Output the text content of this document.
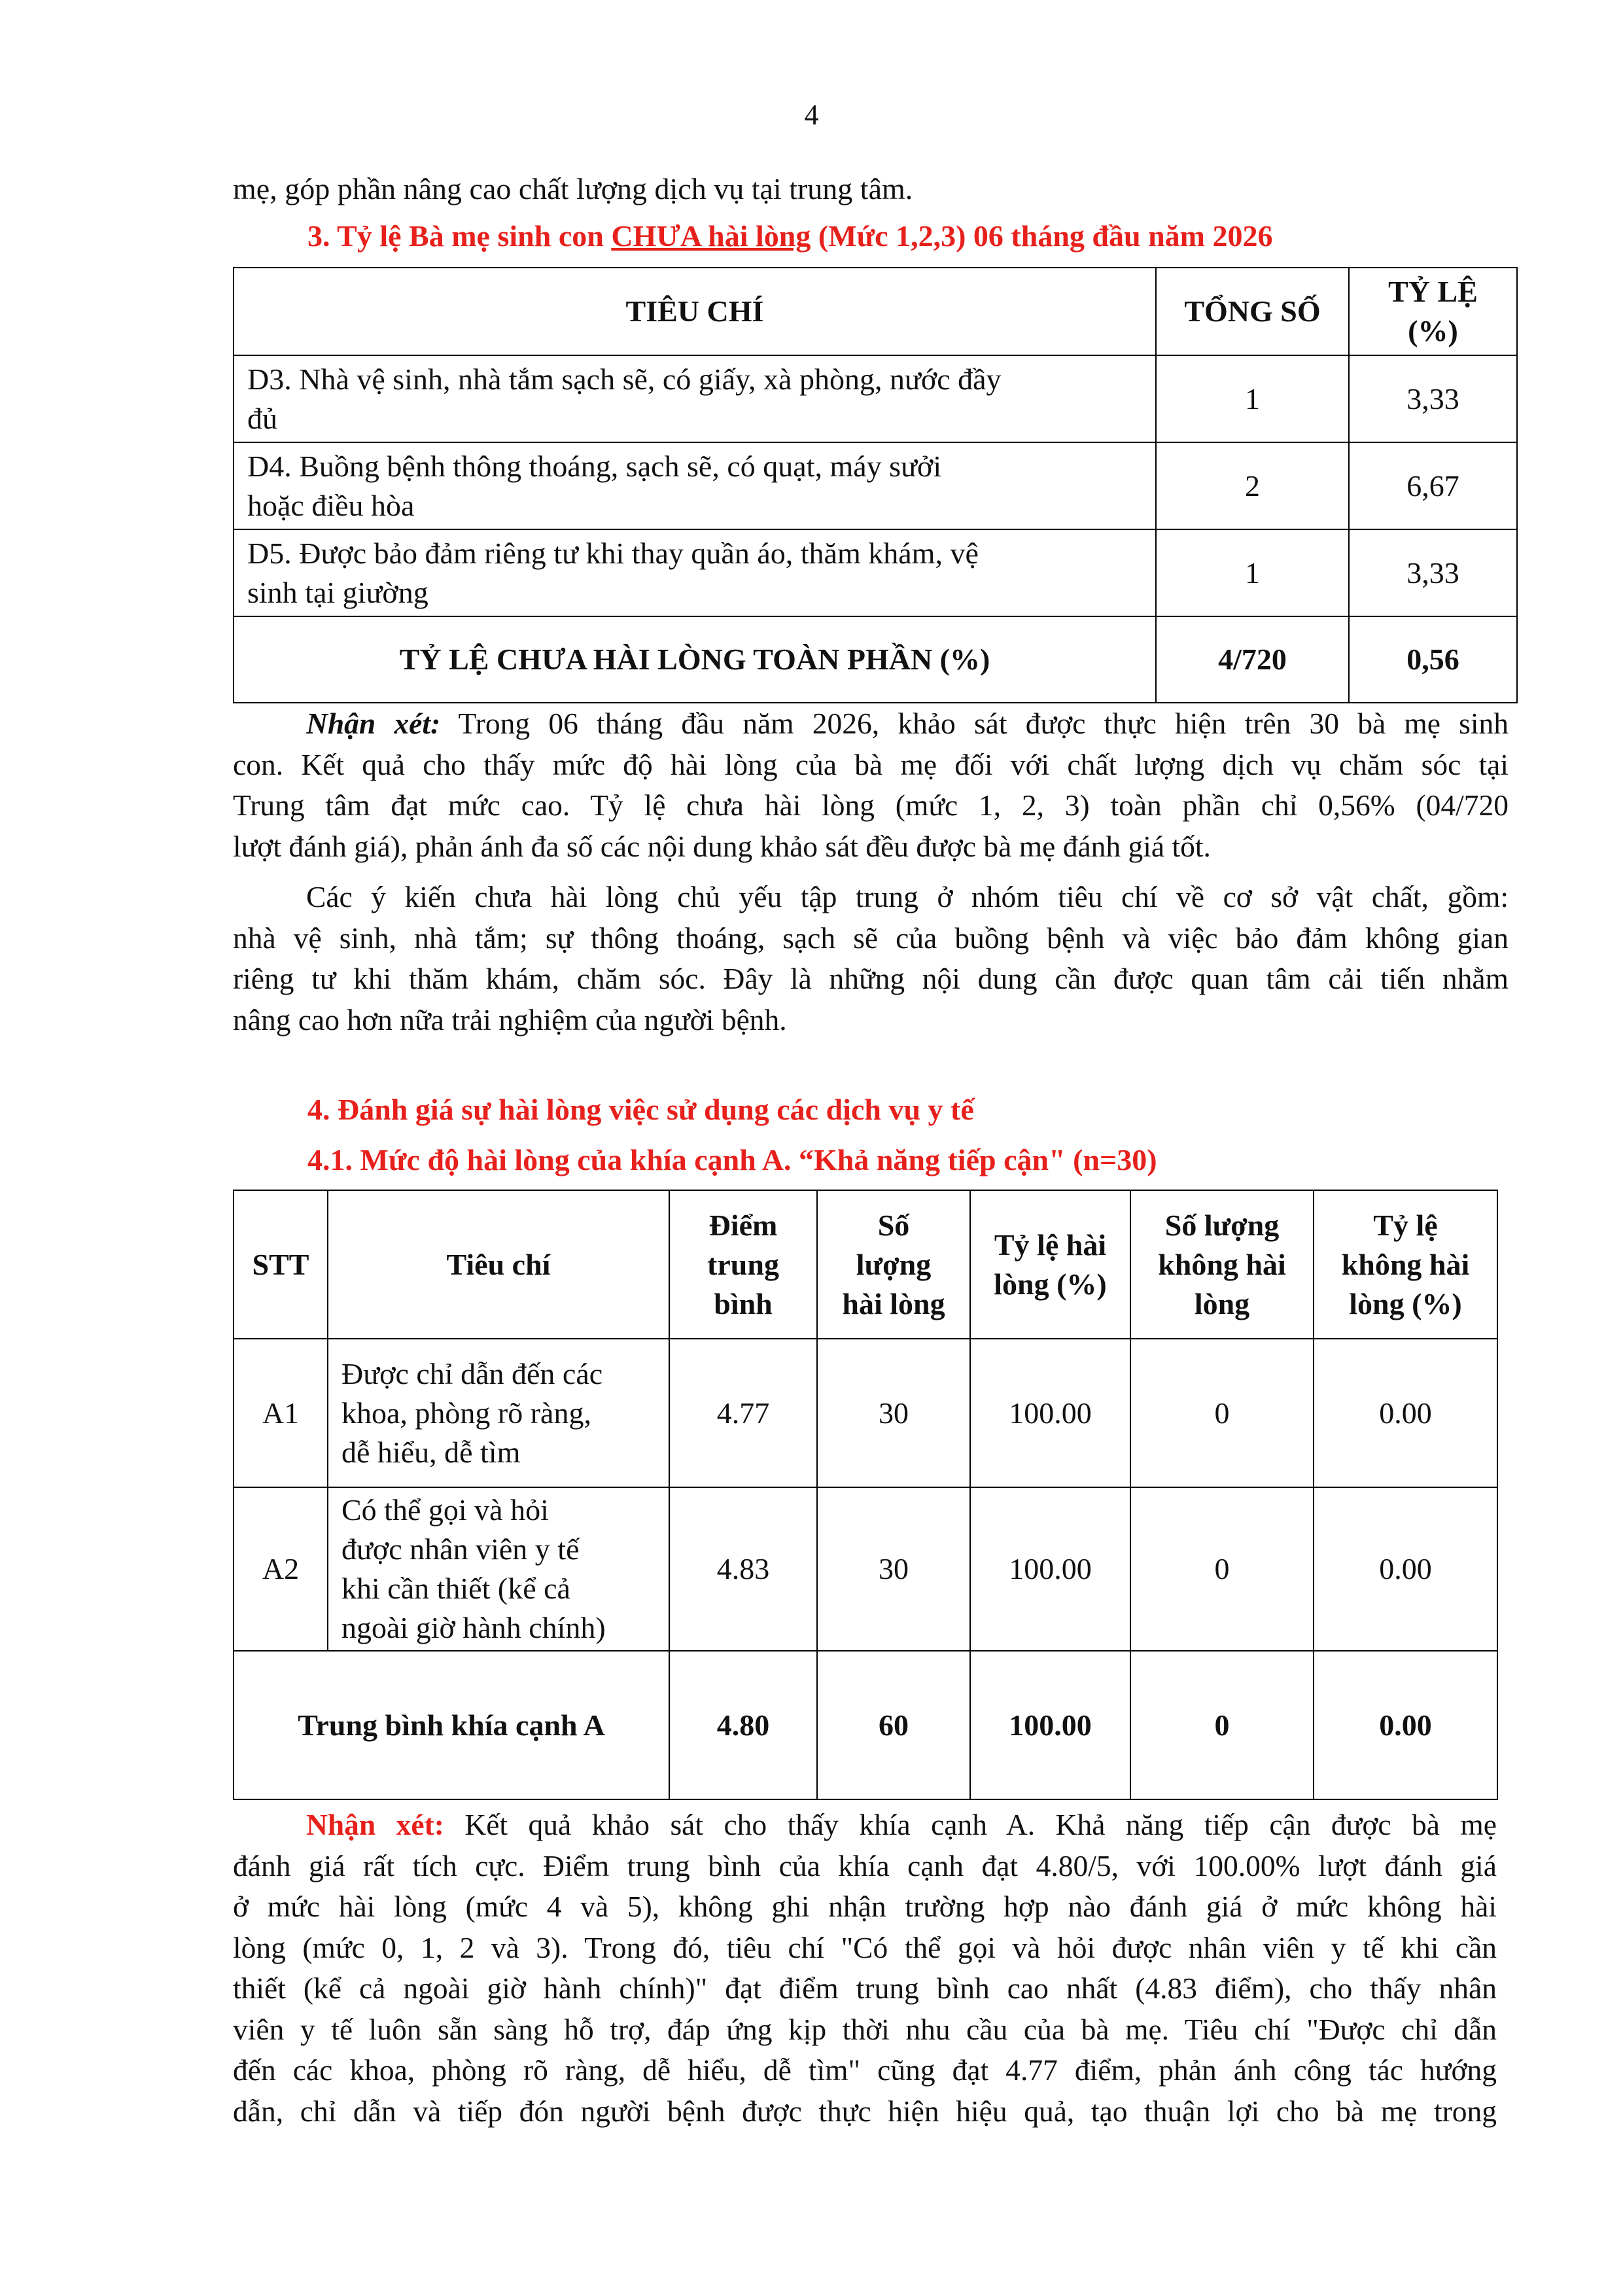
4
mẹ, góp phần nâng cao chất lượng dịch vụ tại trung tâm.
3. Tỷ lệ Bà mẹ sinh con CHƯA hài lòng (Mức 1,2,3) 06 tháng đầu năm 2026
TIÊU CHÍ	TỔNG SỐ	TỶ LỆ
(%)
D3. Nhà vệ sinh, nhà tắm sạch sẽ, có giấy, xà phòng, nước đầy
đủ	1	3,33
D4. Buồng bệnh thông thoáng, sạch sẽ, có quạt, máy sưởi
hoặc điều hòa	2	6,67
D5. Được bảo đảm riêng tư khi thay quần áo, thăm khám, vệ
sinh tại giường	1	3,33
TỶ LỆ CHƯA HÀI LÒNG TOÀN PHẦN (%)	4/720	0,56
Nhận xét: Trong 06 tháng đầu năm 2026, khảo sát được thực hiện trên 30 bà mẹ sinh
con. Kết quả cho thấy mức độ hài lòng của bà mẹ đối với chất lượng dịch vụ chăm sóc tại
Trung tâm đạt mức cao. Tỷ lệ chưa hài lòng (mức 1, 2, 3) toàn phần chỉ 0,56% (04/720
lượt đánh giá), phản ánh đa số các nội dung khảo sát đều được bà mẹ đánh giá tốt.
Các ý kiến chưa hài lòng chủ yếu tập trung ở nhóm tiêu chí về cơ sở vật chất, gồm:
nhà vệ sinh, nhà tắm; sự thông thoáng, sạch sẽ của buồng bệnh và việc bảo đảm không gian
riêng tư khi thăm khám, chăm sóc. Đây là những nội dung cần được quan tâm cải tiến nhằm
nâng cao hơn nữa trải nghiệm của người bệnh.
4. Đánh giá sự hài lòng việc sử dụng các dịch vụ y tế
4.1. Mức độ hài lòng của khía cạnh A. “Khả năng tiếp cận" (n=30)
STT	Tiêu chí	Điểm
trung
bình	Số
lượng
hài lòng	Tỷ lệ hài
lòng (%)	Số lượng
không hài
lòng	Tỷ lệ
không hài
lòng (%)
A1	Được chỉ dẫn đến các
khoa, phòng rõ ràng,
dễ hiểu, dễ tìm	4.77	30	100.00	0	0.00
A2	Có thể gọi và hỏi
được nhân viên y tế
khi cần thiết (kể cả
ngoài giờ hành chính)	4.83	30	100.00	0	0.00
Trung bình khía cạnh A		4.80	60	100.00	0	0.00
Nhận xét: Kết quả khảo sát cho thấy khía cạnh A. Khả năng tiếp cận được bà mẹ
đánh giá rất tích cực. Điểm trung bình của khía cạnh đạt 4.80/5, với 100.00% lượt đánh giá
ở mức hài lòng (mức 4 và 5), không ghi nhận trường hợp nào đánh giá ở mức không hài
lòng (mức 0, 1, 2 và 3). Trong đó, tiêu chí "Có thể gọi và hỏi được nhân viên y tế khi cần
thiết (kể cả ngoài giờ hành chính)" đạt điểm trung bình cao nhất (4.83 điểm), cho thấy nhân
viên y tế luôn sẵn sàng hỗ trợ, đáp ứng kịp thời nhu cầu của bà mẹ. Tiêu chí "Được chỉ dẫn
đến các khoa, phòng rõ ràng, dễ hiểu, dễ tìm" cũng đạt 4.77 điểm, phản ánh công tác hướng
dẫn, chỉ dẫn và tiếp đón người bệnh được thực hiện hiệu quả, tạo thuận lợi cho bà mẹ trong
